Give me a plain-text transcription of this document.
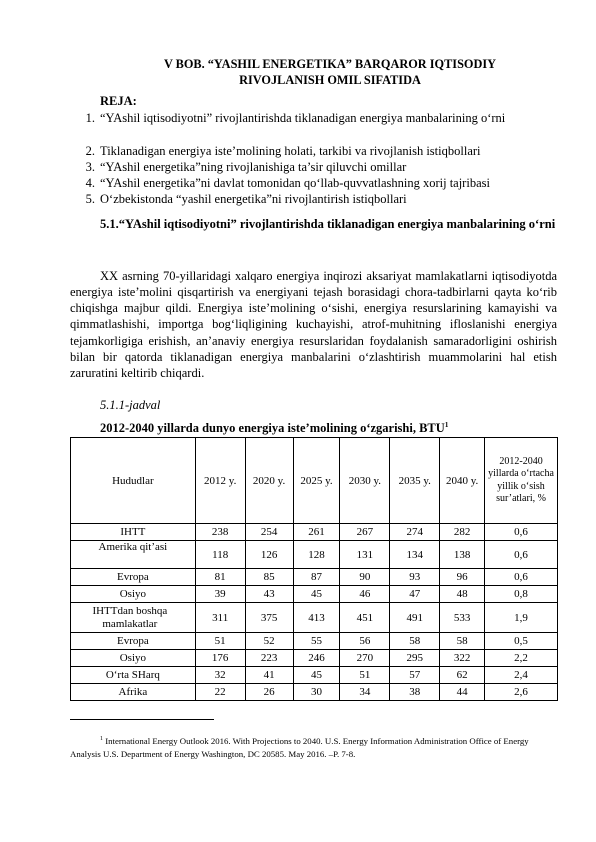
V BOB. “YASHIL ENERGETIKA” BARQAROR IQTISODIY
RIVOJLANISH OMIL SIFATIDA
REJA:
1. “YAshil iqtisodiyotni” rivojlantirishda tiklanadigan energiya manbalarining o‘rni
2. Tiklanadigan energiya iste’molining holati, tarkibi va rivojlanish istiqbollari
3. “YAshil energetika”ning rivojlanishiga ta’sir qiluvchi omillar
4. “YAshil energetika”ni davlat tomonidan qo‘llab-quvvatlashning xorij tajribasi
5. O‘zbekistonda “yashil energetika”ni rivojlantirish istiqbollari

5.1.“YAshil iqtisodiyotni” rivojlantirishda tiklanadigan energiya manbalarining o‘rni

XX asrning 70-yillaridagi xalqaro energiya inqirozi aksariyat mamlakatlarni iqtisodiyotda energiya iste’molini qisqartirish va energiyani tejash borasidagi chora-tadbirlarni qayta ko‘rib chiqishga majbur qildi. Energiya iste’molining o‘sishi, energiya resurslarining kamayishi va qimmatlashishi, importga bog‘liqligining kuchayishi, atrof-muhitning ifloslanishi energiya tejamkorligiga erishish, an’anaviy energiya resurslaridan foydalanish samaradorligini oshirish bilan bir qatorda tiklanadigan energiya manbalarini o‘zlashtirish muammolarini hal etish zaruratini keltirib chiqardi.

5.1.1-jadval
2012-2040 yillarda dunyo energiya iste’molining o‘zgarishi, BTU$^1$
Hududlar	2012 y.	2020 y.	2025 y.	2030 y.	2035 y.	2040 y.	2012-2040 yillarda o‘rtacha yillik o‘sish sur’atlari, %
IHTT	238	254	261	267	274	282	0,6
Amerika qit’asi	118	126	128	131	134	138	0,6
Evropa	81	85	87	90	93	96	0,6
Osiyo	39	43	45	46	47	48	0,8
IHTTdan boshqa mamlakatlar	311	375	413	451	491	533	1,9
Evropa	51	52	55	56	58	58	0,5
Osiyo	176	223	246	270	295	322	2,2
O‘rta SHarq	32	41	45	51	57	62	2,4
Afrika	22	26	30	34	38	44	2,6

$^1$ International Energy Outlook 2016. With Projections to 2040. U.S. Energy Information Administration Office of Energy Analysis U.S. Department of Energy Washington, DC 20585. May 2016. –P. 7-8.
